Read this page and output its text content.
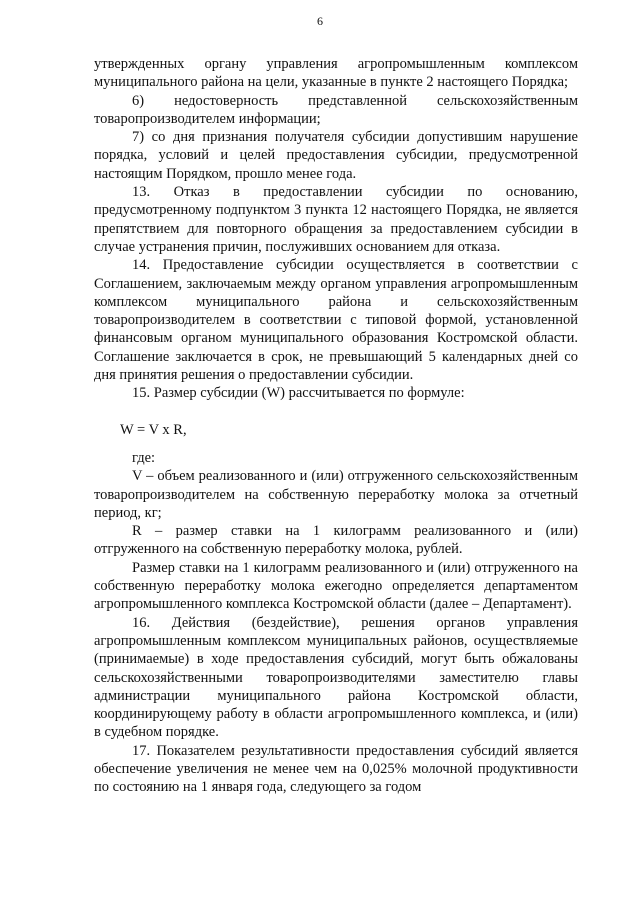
6

утвержденных органу управления агропромышленным комплексом муниципального района на цели, указанные в пункте 2 настоящего Порядка;

6) недостоверность представленной сельскохозяйственным товаропроизводителем информации;

7) со дня признания получателя субсидии допустившим нарушение порядка, условий и целей предоставления субсидии, предусмотренной настоящим Порядком, прошло менее года.

13. Отказ в предоставлении субсидии по основанию, предусмотренному подпунктом 3 пункта 12 настоящего Порядка, не является препятствием для повторного обращения за предоставлением субсидии в случае устранения причин, послуживших основанием для отказа.

14. Предоставление субсидии осуществляется в соответствии с Соглашением, заключаемым между органом управления агропромышленным комплексом муниципального района и сельскохозяйственным товаропроизводителем в соответствии с типовой формой, установленной финансовым органом муниципального образования Костромской области. Соглашение заключается в срок, не превышающий 5 календарных дней со дня принятия решения о предоставлении субсидии.

15. Размер субсидии (W) рассчитывается по формуле:

W = V x R,

где:

V – объем реализованного и (или) отгруженного сельскохозяйственным товаропроизводителем на собственную переработку молока за отчетный период, кг;

R – размер ставки на 1 килограмм реализованного и (или) отгруженного на собственную переработку молока, рублей.

Размер ставки на 1 килограмм реализованного и (или) отгруженного на собственную переработку молока ежегодно определяется департаментом агропромышленного комплекса Костромской области (далее – Департамент).

16. Действия (бездействие), решения органов управления агропромышленным комплексом муниципальных районов, осуществляемые (принимаемые) в ходе предоставления субсидий, могут быть обжалованы сельскохозяйственными товаропроизводителями заместителю главы администрации муниципального района Костромской области, координирующему работу в области агропромышленного комплекса, и (или) в судебном порядке.

17. Показателем результативности предоставления субсидий является обеспечение увеличения не менее чем на 0,025% молочной продуктивности по состоянию на 1 января года, следующего за годом
